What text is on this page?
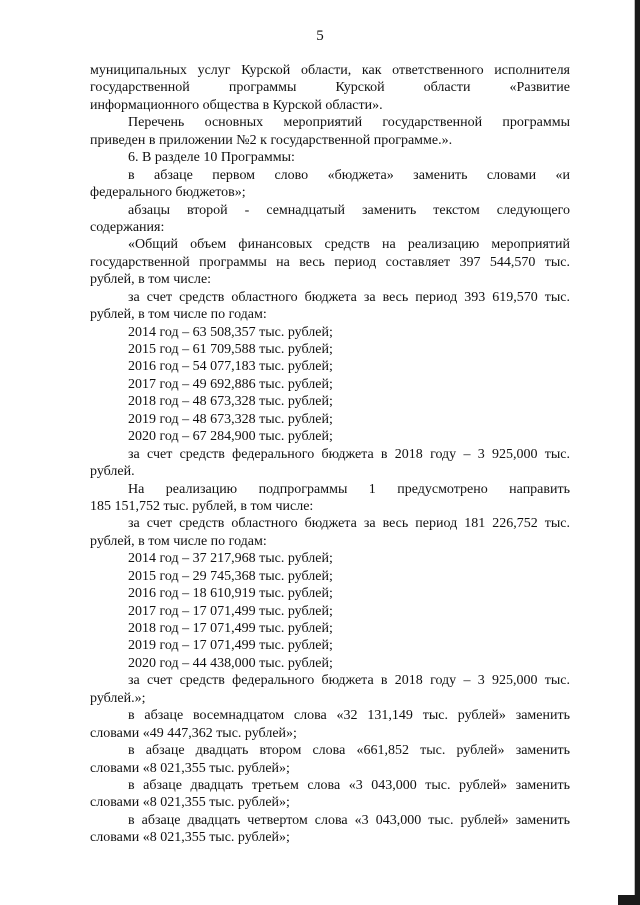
5
муниципальных услуг Курской области, как ответственного исполнителя
государственной программы Курской области «Развитие
информационного общества в Курской области».
Перечень основных мероприятий государственной программы
приведен в приложении №2 к государственной программе.».
6. В разделе 10 Программы:
в абзаце первом слово «бюджета» заменить словами «и
федерального бюджетов»;
абзацы второй - семнадцатый заменить текстом следующего
содержания:
«Общий объем финансовых средств на реализацию мероприятий
государственной программы на весь период составляет 397 544,570 тыс.
рублей, в том числе:
за счет средств областного бюджета за весь период 393 619,570 тыс.
рублей, в том числе по годам:
2014 год – 63 508,357 тыс. рублей;
2015 год – 61 709,588 тыс. рублей;
2016 год – 54 077,183 тыс. рублей;
2017 год – 49 692,886 тыс. рублей;
2018 год – 48 673,328 тыс. рублей;
2019 год – 48 673,328 тыс. рублей;
2020 год – 67 284,900 тыс. рублей;
за счет средств федерального бюджета в 2018 году – 3 925,000 тыс.
рублей.
На реализацию подпрограммы 1 предусмотрено направить
185 151,752 тыс. рублей, в том числе:
за счет средств областного бюджета за весь период 181 226,752 тыс.
рублей, в том числе по годам:
2014 год – 37 217,968 тыс. рублей;
2015 год – 29 745,368 тыс. рублей;
2016 год – 18 610,919 тыс. рублей;
2017 год – 17 071,499 тыс. рублей;
2018 год – 17 071,499 тыс. рублей;
2019 год – 17 071,499 тыс. рублей;
2020 год – 44 438,000 тыс. рублей;
за счет средств федерального бюджета в 2018 году – 3 925,000 тыс.
рублей.»;
в абзаце восемнадцатом слова «32 131,149 тыс. рублей» заменить
словами «49 447,362 тыс. рублей»;
в абзаце двадцать втором слова «661,852 тыс. рублей» заменить
словами «8 021,355 тыс. рублей»;
в абзаце двадцать третьем слова «3 043,000 тыс. рублей» заменить
словами «8 021,355 тыс. рублей»;
в абзаце двадцать четвертом слова «3 043,000 тыс. рублей» заменить
словами «8 021,355 тыс. рублей»;
